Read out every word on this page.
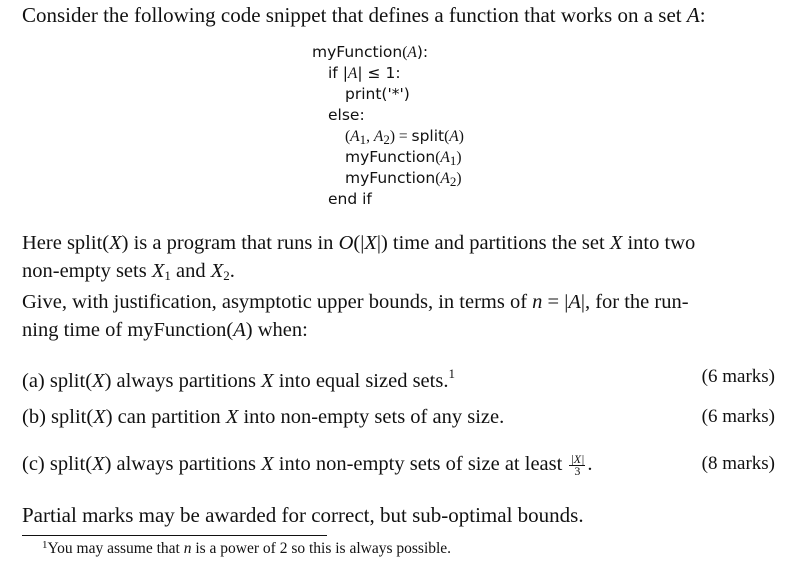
Consider the following code snippet that defines a function that works on a set A:
myFunction(A):
if |A| ≤ 1:
print('*')
else:
($A_1$, $A_2$) = split(A)
$myFunction(A_1)$
$myFunction(A_2)$
end if
Here split(X) is a program that runs in O(|X|) time and partitions the set X into two
non-empty sets $X_1$ and $X_2$.
Give, with justification, asymptotic upper bounds, in terms of n = |A|, for the run-
ning time of myFunction(A) when:
(a) split(X) always partitions X into equal sized sets.$^1$	(6 marks)
(b) split(X) can partition X into non-empty sets of any size.	(6 marks)
(c) split(X) always partitions X into non-empty sets of size at least $\frac{|X|}{3}$ .	(8 marks)
Partial marks may be awarded for correct, but sub-optimal bounds.
$^1$You may assume that n is a power of 2 so this is always possible.
